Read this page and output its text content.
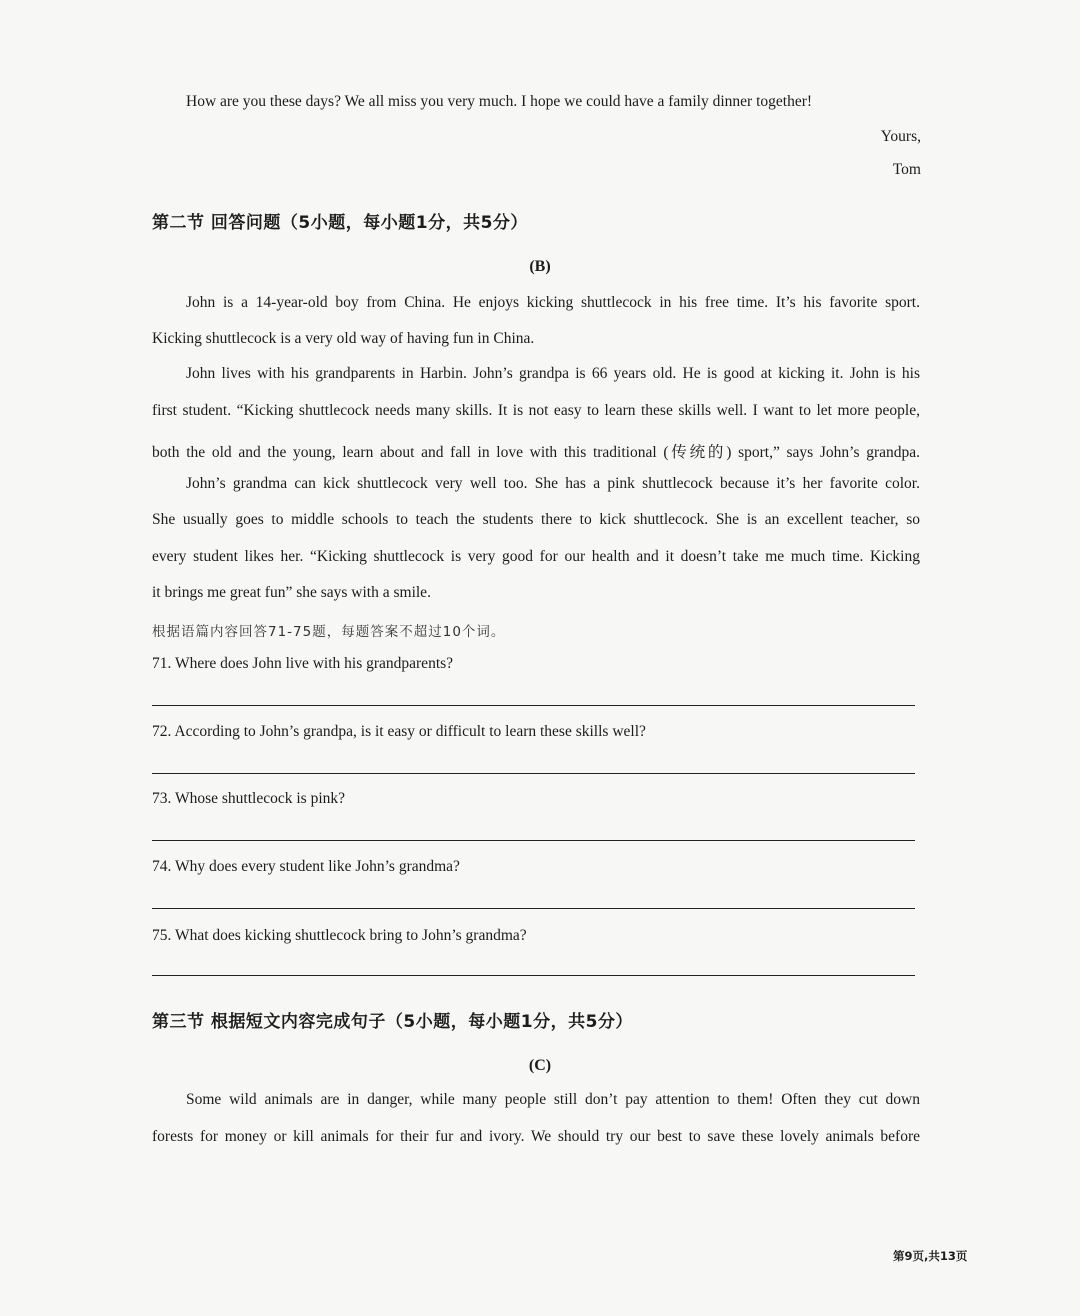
How are you these days? We all miss you very much. I hope we could have a family dinner together!
Yours,
Tom
第二节 回答问题（5小题，每小题1分，共5分）
(B)
John is a 14-year-old boy from China. He enjoys kicking shuttlecock in his free time. It’s his favorite sport.
Kicking shuttlecock is a very old way of having fun in China.
John lives with his grandparents in Harbin. John’s grandpa is 66 years old. He is good at kicking it. John is his
first student. “Kicking shuttlecock needs many skills. It is not easy to learn these skills well. I want to let more people,
both the old and the young, learn about and fall in love with this traditional (传统的) sport,” says John’s grandpa.
John’s grandma can kick shuttlecock very well too. She has a pink shuttlecock because it’s her favorite color.
She usually goes to middle schools to teach the students there to kick shuttlecock. She is an excellent teacher, so
every student likes her. “Kicking shuttlecock is very good for our health and it doesn’t take me much time. Kicking
it brings me great fun” she says with a smile.
根据语篇内容回答71-75题，每题答案不超过10个词。
71. Where does John live with his grandparents?
72. According to John’s grandpa, is it easy or difficult to learn these skills well?
73. Whose shuttlecock is pink?
74. Why does every student like John’s grandma?
75. What does kicking shuttlecock bring to John’s grandma?
第三节 根据短文内容完成句子（5小题，每小题1分，共5分）
(C)
Some wild animals are in danger, while many people still don’t pay attention to them! Often they cut down
forests for money or kill animals for their fur and ivory. We should try our best to save these lovely animals before
第9页,共13页
